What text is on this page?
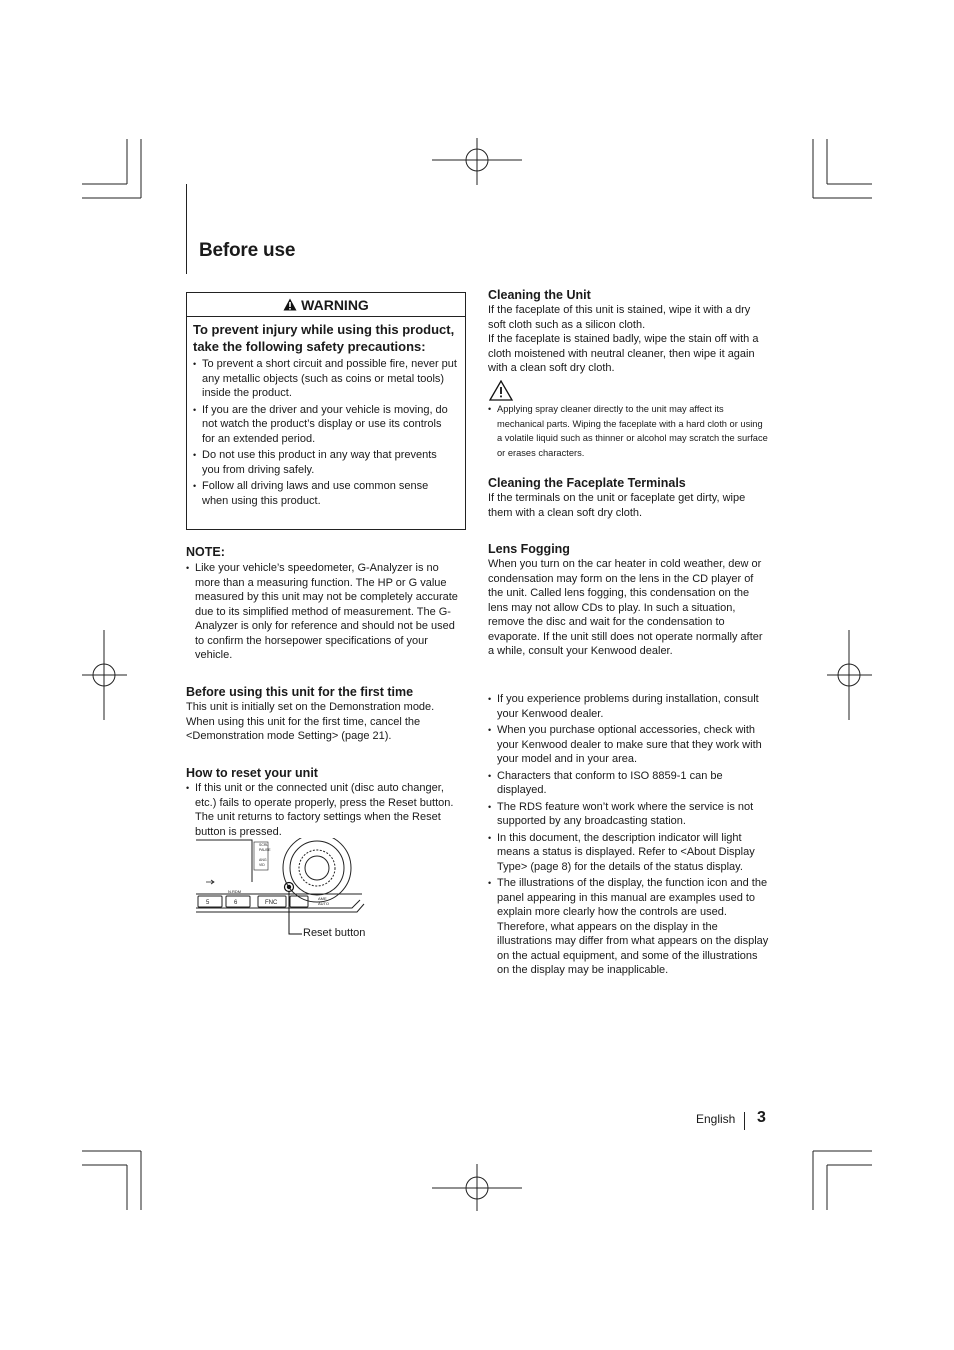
Before use
WARNING
To prevent injury while using this product, take the following safety precautions:
• To prevent a short circuit and possible fire, never put any metallic objects (such as coins or metal tools) inside the product.
• If you are the driver and your vehicle is moving, do not watch the product’s display or use its controls for an extended period.
• Do not use this product in any way that prevents you from driving safely.
• Follow all driving laws and use common sense when using this product.
NOTE:
• Like your vehicle’s speedometer, G-Analyzer is no more than a measuring function. The HP or G value measured by this unit may not be completely accurate due to its simplified method of measurement. The G-Analyzer is only for reference and should not be used to confirm the horsepower specifications of your vehicle.
Before using this unit for the first time
This unit is initially set on the Demonstration mode. When using this unit for the first time, cancel the <Demonstration mode Setting> (page 21).
How to reset your unit
• If this unit or the connected unit (disc auto changer, etc.) fails to operate properly, press the Reset button. The unit returns to factory settings when the Reset button is pressed.
5	6	FNC
N.RDM
AME
AUTO
SCRL
PAUSE
ANG
VID
Reset button
Cleaning the Unit
If the faceplate of this unit is stained, wipe it with a dry soft cloth such as a silicon cloth.
If the faceplate is stained badly, wipe the stain off with a cloth moistened with neutral cleaner, then wipe it again with a clean soft dry cloth.
• Applying spray cleaner directly to the unit may affect its mechanical parts. Wiping the faceplate with a hard cloth or using a volatile liquid such as thinner or alcohol may scratch the surface or erases characters.
Cleaning the Faceplate Terminals
If the terminals on the unit or faceplate get dirty, wipe them with a clean soft dry cloth.
Lens Fogging
When you turn on the car heater in cold weather, dew or condensation may form on the lens in the CD player of the unit. Called lens fogging, this condensation on the lens may not allow CDs to play. In such a situation, remove the disc and wait for the condensation to evaporate. If the unit still does not operate normally after a while, consult your Kenwood dealer.
• If you experience problems during installation, consult your Kenwood dealer.
• When you purchase optional accessories, check with your Kenwood dealer to make sure that they work with your model and in your area.
• Characters that conform to ISO 8859-1 can be displayed.
• The RDS feature won’t work where the service is not supported by any broadcasting station.
• In this document, the description indicator will light means a status is displayed. Refer to <About Display Type> (page 8) for the details of the status display.
• The illustrations of the display, the function icon and the panel appearing in this manual are examples used to explain more clearly how the controls are used. Therefore, what appears on the display in the illustrations may differ from what appears on the display on the actual equipment, and some of the illustrations on the display may be inapplicable.
English 3
